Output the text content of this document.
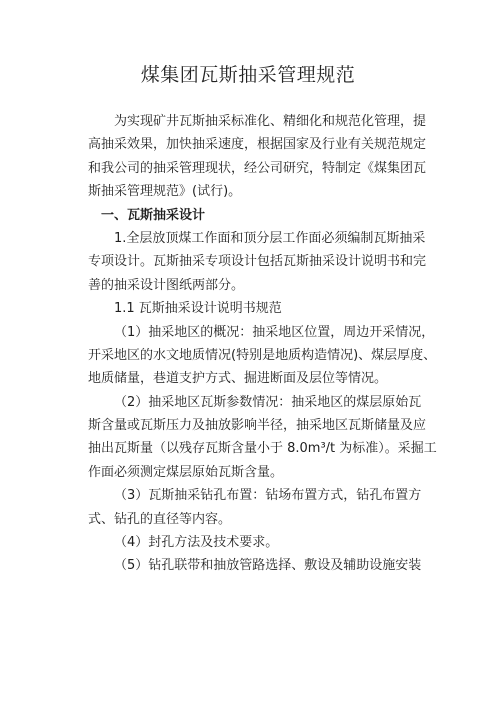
煤集团瓦斯抽采管理规范
为实现矿井瓦斯抽采标准化、精细化和规范化管理，提
高抽采效果，加快抽采速度，根据国家及行业有关规范规定
和我公司的抽采管理现状，经公司研究，特制定《煤集团瓦
斯抽采管理规范》(试行)。
一、瓦斯抽采设计
1.全层放顶煤工作面和顶分层工作面必须编制瓦斯抽采
专项设计。瓦斯抽采专项设计包括瓦斯抽采设计说明书和完
善的抽采设计图纸两部分。
1.1 瓦斯抽采设计说明书规范
（1）抽采地区的概况：抽采地区位置，周边开采情况，
开采地区的水文地质情况(特别是地质构造情况)、煤层厚度、
地质储量，巷道支护方式、掘进断面及层位等情况。
（2）抽采地区瓦斯参数情况：抽采地区的煤层原始瓦
斯含量或瓦斯压力及抽放影响半径，抽采地区瓦斯储量及应
抽出瓦斯量（以残存瓦斯含量小于 8.0m³/t 为标准）。采掘工
作面必须测定煤层原始瓦斯含量。
（3）瓦斯抽采钻孔布置：钻场布置方式，钻孔布置方
式、钻孔的直径等内容。
（4）封孔方法及技术要求。
（5）钻孔联带和抽放管路选择、敷设及辅助设施安装
